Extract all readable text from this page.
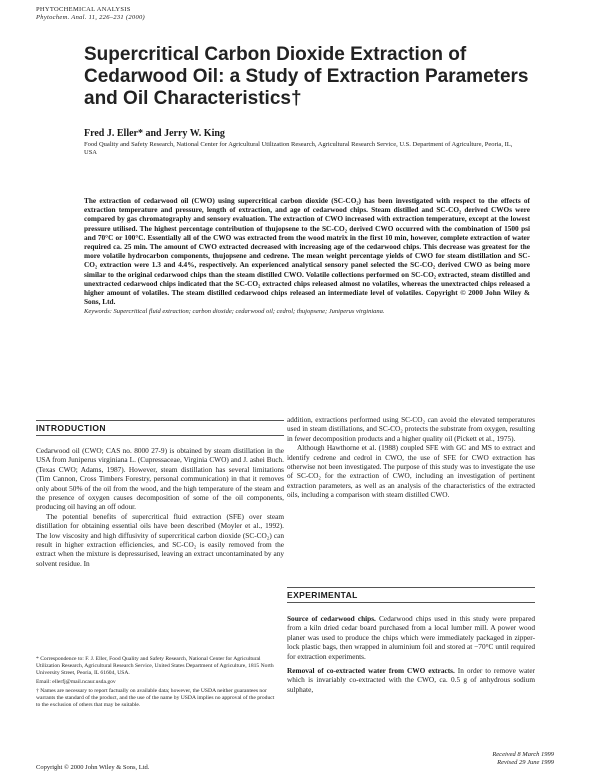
PHYTOCHEMICAL ANALYSIS
Phytochem. Anal. 11, 226–231 (2000)
Supercritical Carbon Dioxide Extraction of Cedarwood Oil: a Study of Extraction Parameters and Oil Characteristics†
Fred J. Eller* and Jerry W. King
Food Quality and Safety Research, National Center for Agricultural Utilization Research, Agricultural Research Service, U.S. Department of Agriculture, Peoria, IL, USA
The extraction of cedarwood oil (CWO) using supercritical carbon dioxide (SC-CO₂) has been investigated with respect to the effects of extraction temperature and pressure, length of extraction, and age of cedarwood chips. Steam distilled and SC-CO₂ derived CWOs were compared by gas chromatography and sensory evaluation. The extraction of CWO increased with extraction temperature, except at the lowest pressure utilised. The highest percentage contribution of thujopsene to the SC-CO₂ derived CWO occurred with the combination of 1500 psi and 70°C or 100°C. Essentially all of the CWO was extracted from the wood matrix in the first 10 min, however, complete extraction of water required ca. 25 min. The amount of CWO extracted decreased with increasing age of the cedarwood chips. This decrease was greatest for the more volatile hydrocarbon components, thujopsene and cedrene. The mean weight percentage yields of CWO for steam distillation and SC-CO₂ extraction were 1.3 and 4.4%, respectively. An experienced analytical sensory panel selected the SC-CO₂ derived CWO as being more similar to the original cedarwood chips than the steam distilled CWO. Volatile collections performed on SC-CO₂ extracted, steam distilled and unextracted cedarwood chips indicated that the SC-CO₂ extracted chips released almost no volatiles, whereas the unextracted chips released a higher amount of volatiles. The steam distilled cedarwood chips released an intermediate level of volatiles. Copyright © 2000 John Wiley & Sons, Ltd.
Keywords: Supercritical fluid extraction; carbon dioxide; cedarwood oil; cedrol; thujopsene; Juniperus virginiana.
INTRODUCTION

Cedarwood oil (CWO; CAS no. 8000 27-9) is obtained by steam distillation in the USA from Juniperus virginiana L. (Cupressaceae, Virginia CWO) and J. ashei Buch. (Texas CWO; Adams, 1987). However, steam distillation has several limitations (Tim Cannon, Cross Timbers Forestry, personal communication) in that it removes only about 50% of the oil from the wood, and the high temperature of the steam and the presence of oxygen causes decomposition of some of the oil components, producing oil having an off odour.

The potential benefits of supercritical fluid extraction (SFE) over steam distillation for obtaining essential oils have been described (Moyler et al., 1992). The low viscosity and high diffusivity of supercritical carbon dioxide (SC-CO₂) can result in higher extraction efficiencies, and SC-CO₂ is easily removed from the extract when the mixture is depressurised, leaving an extract uncontaminated by any solvent residue. In

addition, extractions performed using SC-CO₂ can avoid the elevated temperatures used in steam distillations, and SC-CO₂ protects the substrate from oxygen, resulting in fewer decomposition products and a higher quality oil (Pickett et al., 1975).

Although Hawthorne et al. (1988) coupled SFE with GC and MS to extract and identify cedrene and cedrol in CWO, the use of SFE for CWO extraction has otherwise not been investigated. The purpose of this study was to investigate the use of SC-CO₂ for the extraction of CWO, including an investigation of pertinent extraction parameters, as well as an analysis of the characteristics of the extracted oils, including a comparison with steam distilled CWO.

EXPERIMENTAL

Source of cedarwood chips. Cedarwood chips used in this study were prepared from a kiln dried cedar board purchased from a local lumber mill. A power wood planer was used to produce the chips which were immediately packaged in zipper-lock plastic bags, then wrapped in aluminium foil and stored at −70°C until required for extraction experiments.

Removal of co-extracted water from CWO extracts. In order to remove water which is invariably co-extracted with the CWO, ca. 0.5 g of anhydrous sodium sulphate,

* Correspondence to: F. J. Eller, Food Quality and Safety Research, National Center for Agricultural Utilization Research, Agricultural Research Service, United States Department of Agriculture, 1815 North University Street, Peoria, IL 61604, USA.

Email: ellerfj@mail.ncaur.usda.gov

† Names are necessary to report factually on available data; however, the USDA neither guarantees nor warrants the standard of the product, and the use of the name by USDA implies no approval of the product to the exclusion of others that may be suitable.

Copyright © 2000 John Wiley & Sons, Ltd.
Received 8 March 1999
Revised 29 June 1999
